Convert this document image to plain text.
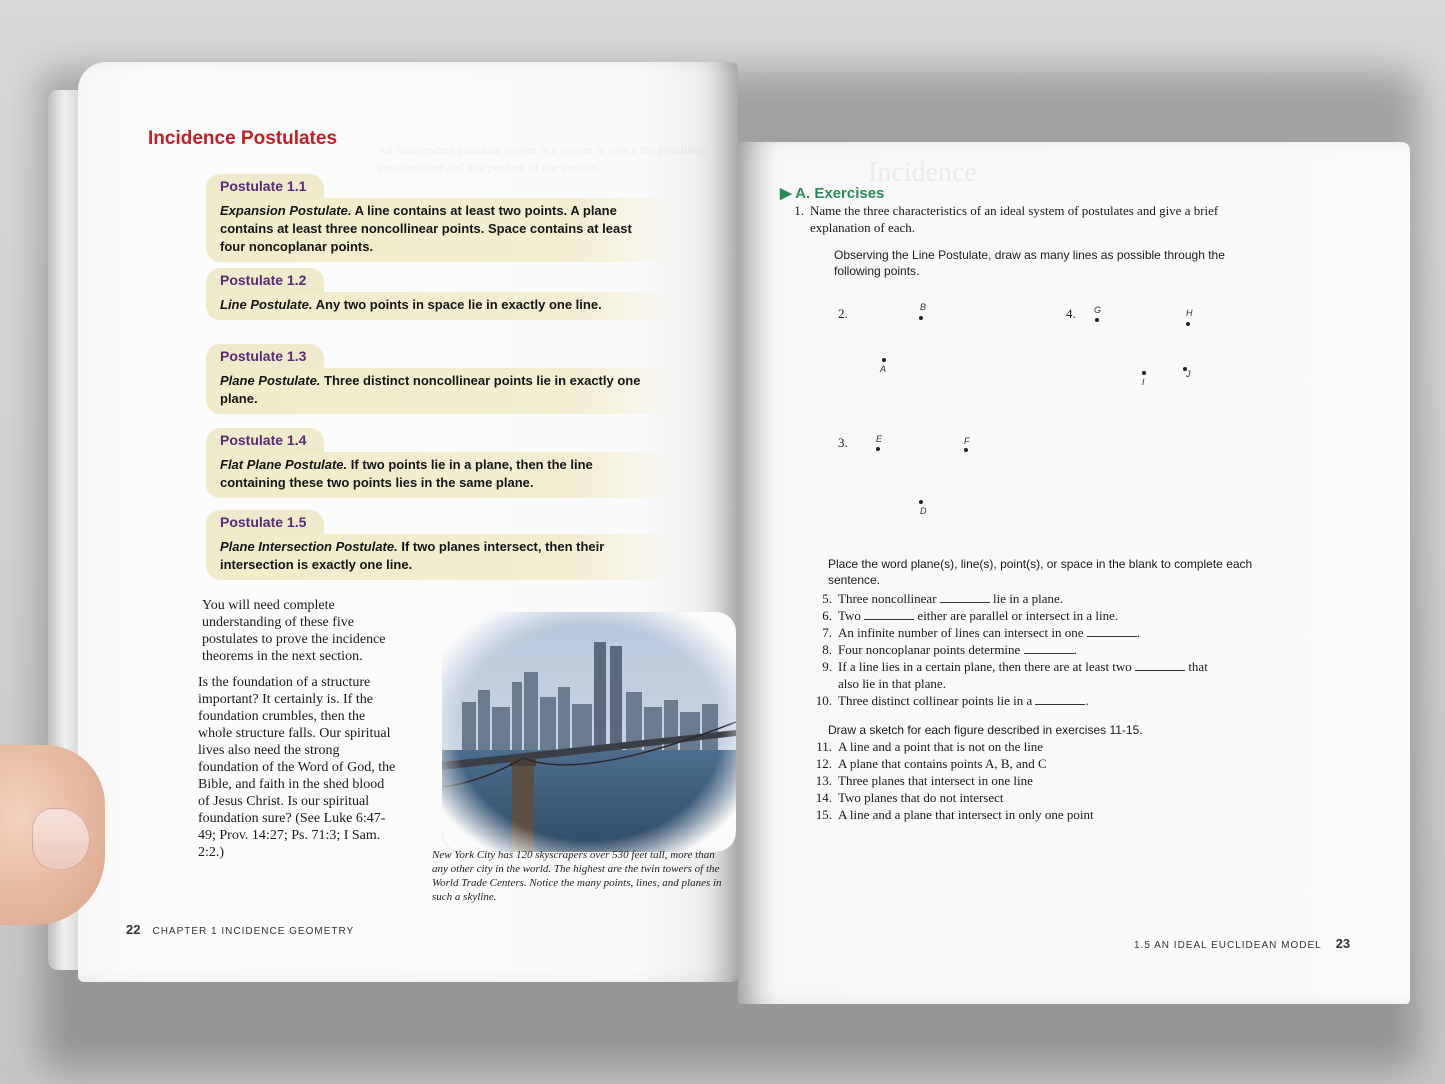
An independent postulate system is a system in which the postulates are consistent and independent of one another.
Incidence Postulates
Postulate 1.1
Expansion Postulate. A line contains at least two points. A plane contains at least three noncollinear points. Space contains at least four noncoplanar points.
Postulate 1.2
Line Postulate. Any two points in space lie in exactly one line.
Postulate 1.3
Plane Postulate. Three distinct noncollinear points lie in exactly one plane.
Postulate 1.4
Flat Plane Postulate. If two points lie in a plane, then the line containing these two points lies in the same plane.
Postulate 1.5
Plane Intersection Postulate. If two planes intersect, then their intersection is exactly one line.
You will need complete understanding of these five postulates to prove the incidence theorems in the next section.
Is the foundation of a structure important? It certainly is. If the foundation crumbles, then the whole structure falls. Our spiritual lives also need the strong foundation of the Word of God, the Bible, and faith in the shed blood of Jesus Christ. Is our spiritual foundation sure? (See Luke 6:47-49; Prov. 14:27; Ps. 71:3; I Sam. 2:2.)	New York City has 120 skyscrapers over 530 feet tall, more than any other city in the world. The highest are the twin towers of the World Trade Centers. Notice the many points, lines, and planes in such a skyline.
22 CHAPTER 1 INCIDENCE GEOMETRY
Incidence
▶ A. Exercises
1. Name the three characteristics of an ideal system of postulates and give a brief explanation of each.
Observing the Line Postulate, draw as many lines as possible through the following points.
2.	B
A
4. G	H
I
J
3.	E	F
D
Place the word plane(s), line(s), point(s), or space in the blank to complete each sentence.
5. Three noncollinear	lie in a plane.
6. Two	either are parallel or intersect in a line.
7. An infinite number of lines can intersect in one	.
8. Four noncoplanar points determine	.
9. If a line lies in a certain plane, then there are at least two	that
also lie in that plane.
10. Three distinct collinear points lie in a	.
Draw a sketch for each figure described in exercises 11-15.
11. A line and a point that is not on the line
12. A plane that contains points A, B, and C
13. Three planes that intersect in one line
14. Two planes that do not intersect
15. A line and a plane that intersect in only one point
1.5 AN IDEAL EUCLIDEAN MODEL 23
